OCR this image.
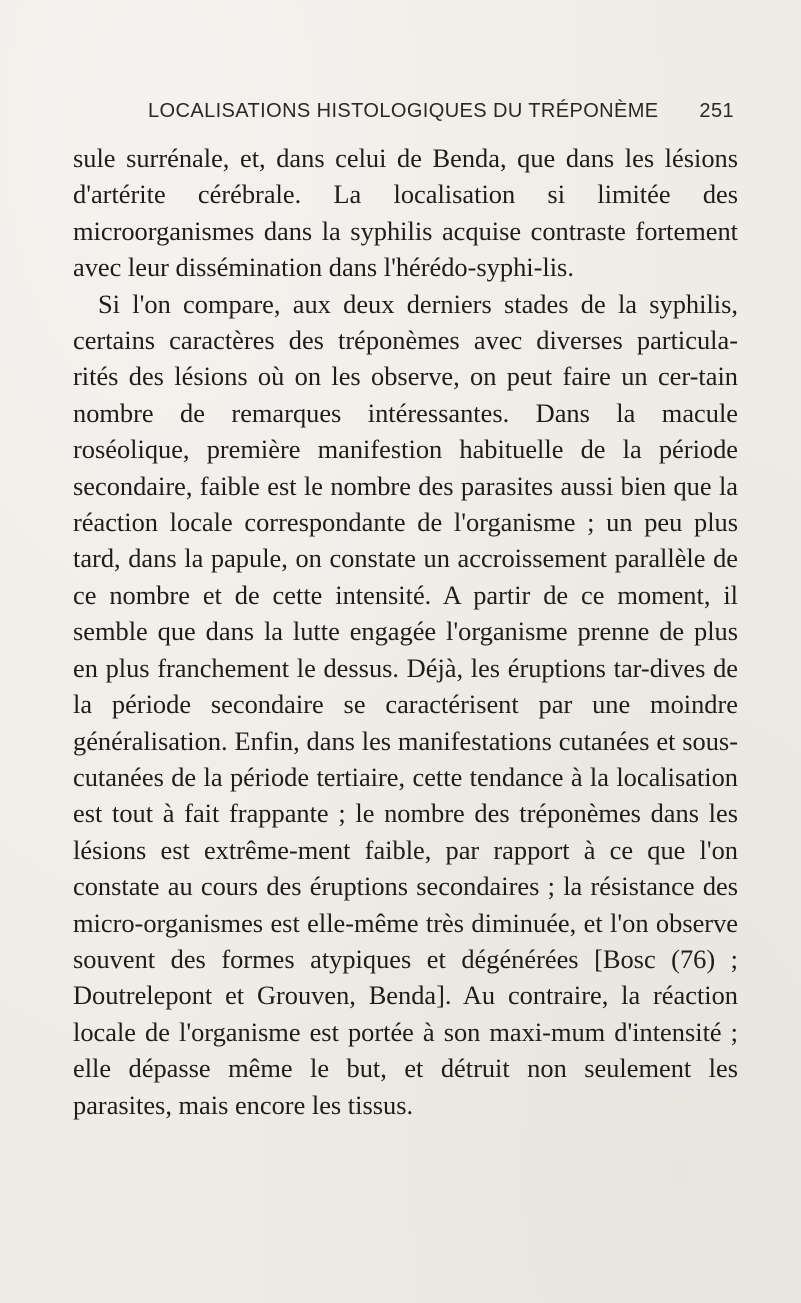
LOCALISATIONS HISTOLOGIQUES DU TRÉPONÈME 251

sule surrénale, et, dans celui de Benda, que dans les lésions d'artérite cérébrale. La localisation si limitée des microorganismes dans la syphilis acquise contraste fortement avec leur dissémination dans l'hérédo-syphi-lis.

Si l'on compare, aux deux derniers stades de la syphilis, certains caractères des tréponèmes avec diverses particula-rités des lésions où on les observe, on peut faire un cer-tain nombre de remarques intéressantes. Dans la macule roséolique, première manifestion habituelle de la période secondaire, faible est le nombre des parasites aussi bien que la réaction locale correspondante de l'organisme ; un peu plus tard, dans la papule, on constate un accroissement parallèle de ce nombre et de cette intensité. A partir de ce moment, il semble que dans la lutte engagée l'organisme prenne de plus en plus franchement le dessus. Déjà, les éruptions tar-dives de la période secondaire se caractérisent par une moindre généralisation. Enfin, dans les manifestations cutanées et sous-cutanées de la période tertiaire, cette tendance à la localisation est tout à fait frappante ; le nombre des tréponèmes dans les lésions est extrême-ment faible, par rapport à ce que l'on constate au cours des éruptions secondaires ; la résistance des micro-organismes est elle-même très diminuée, et l'on observe souvent des formes atypiques et dégénérées [Bosc (76) ; Doutrelepont et Grouven, Benda]. Au contraire, la réaction locale de l'organisme est portée à son maxi-mum d'intensité ; elle dépasse même le but, et détruit non seulement les parasites, mais encore les tissus.
